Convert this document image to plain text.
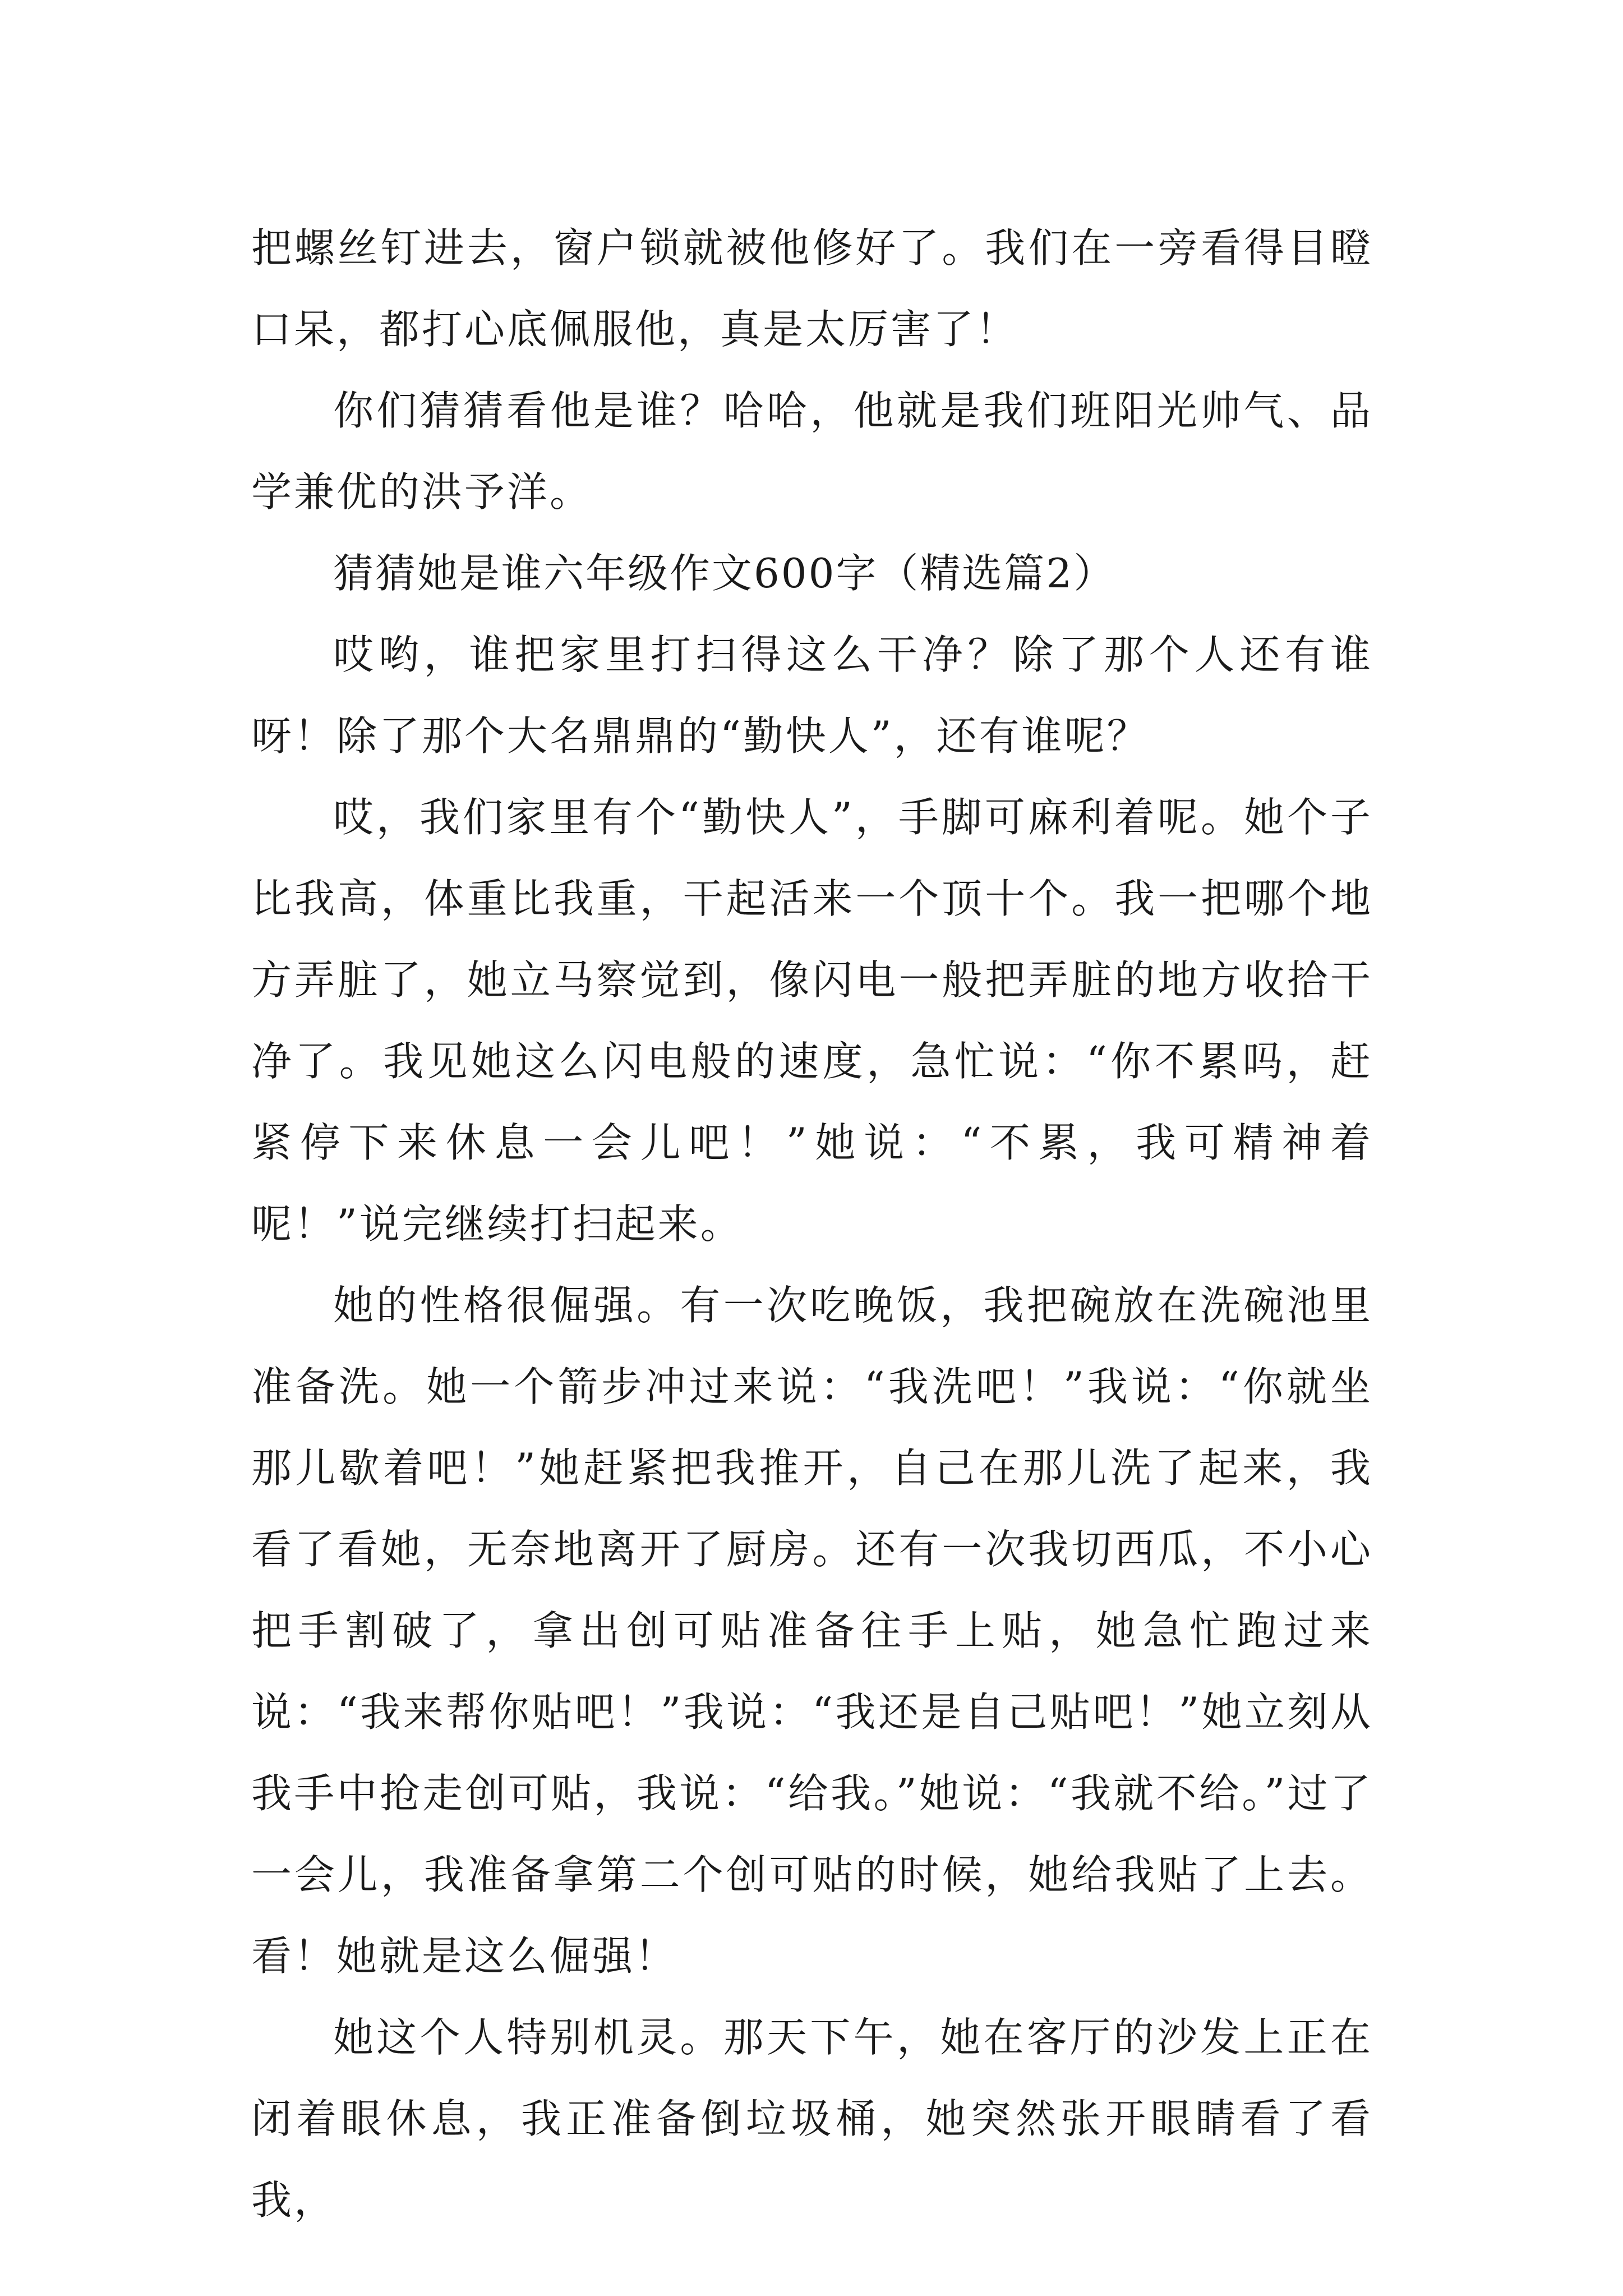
把螺丝钉进去，窗户锁就被他修好了。我们在一旁看得目瞪口呆，都打心底佩服他，真是太厉害了！

你们猜猜看他是谁？哈哈，他就是我们班阳光帅气、品学兼优的洪予洋。

猜猜她是谁六年级作文600字（精选篇2）

哎哟，谁把家里打扫得这么干净？除了那个人还有谁呀！除了那个大名鼎鼎的“勤快人”，还有谁呢？

哎，我们家里有个“勤快人”，手脚可麻利着呢。她个子比我高，体重比我重，干起活来一个顶十个。我一把哪个地方弄脏了，她立马察觉到，像闪电一般把弄脏的地方收拾干净了。我见她这么闪电般的速度，急忙说：“你不累吗，赶紧停下来休息一会儿吧！”她说：“不累，我可精神着呢！”说完继续打扫起来。

她的性格很倔强。有一次吃晚饭，我把碗放在洗碗池里准备洗。她一个箭步冲过来说：“我洗吧！”我说：“你就坐那儿歇着吧！”她赶紧把我推开，自己在那儿洗了起来，我看了看她，无奈地离开了厨房。还有一次我切西瓜，不小心把手割破了，拿出创可贴准备往手上贴，她急忙跑过来说：“我来帮你贴吧！”我说：“我还是自己贴吧！”她立刻从我手中抢走创可贴，我说：“给我。”她说：“我就不给。”过了一会儿，我准备拿第二个创可贴的时候，她给我贴了上去。看！她就是这么倔强！

她这个人特别机灵。那天下午，她在客厅的沙发上正在闭着眼休息，我正准备倒垃圾桶，她突然张开眼睛看了看我，
